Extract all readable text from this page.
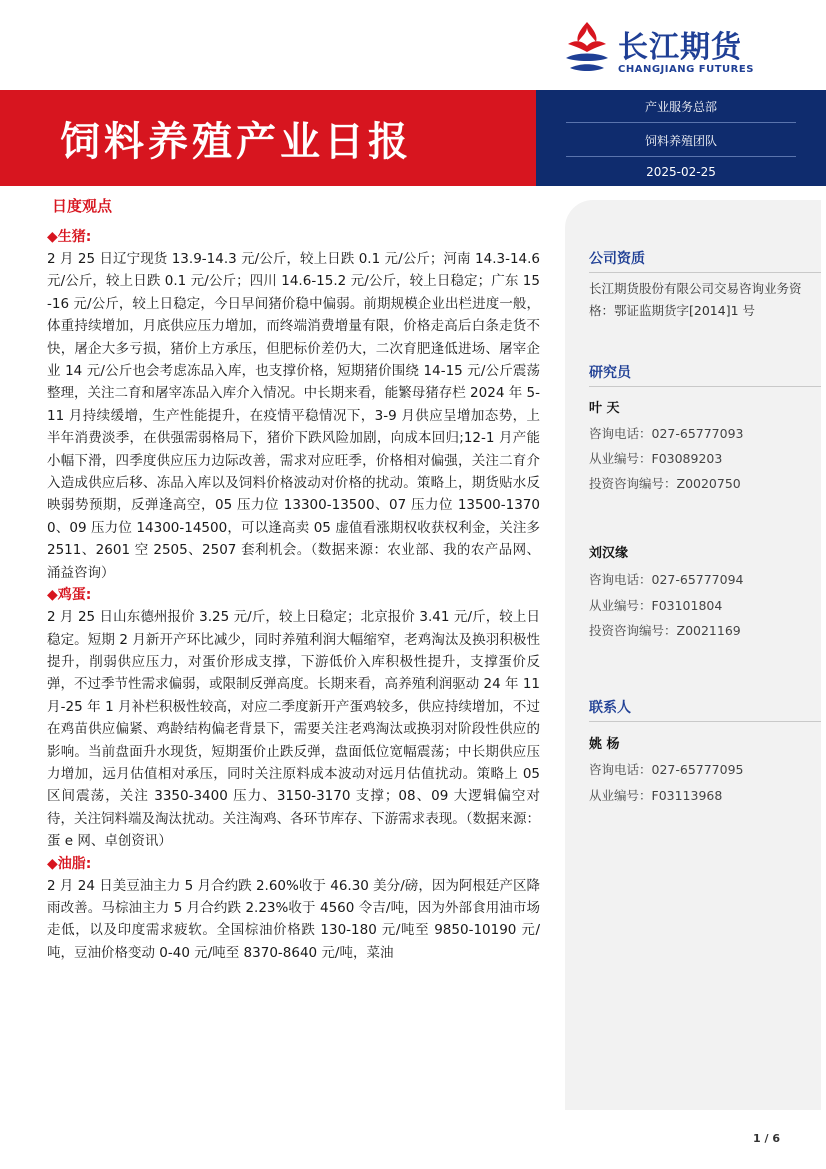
长江期货
CHANGJIANG FUTURES
饲料养殖产业日报
产业服务总部
饲料养殖团队
2025-02-25
日度观点
◆生猪:

2 月 25 日辽宁现货 13.9-14.3 元/公斤，较上日跌 0.1 元/公斤；河南 14.3-14.6 元/公斤，较上日跌 0.1 元/公斤；四川 14.6-15.2 元/公斤，较上日稳定；广东 15-16 元/公斤，较上日稳定，今日早间猪价稳中偏弱。前期规模企业出栏进度一般，体重持续增加，月底供应压力增加，而终端消费增量有限，价格走高后白条走货不快，屠企大多亏损，猪价上方承压，但肥标价差仍大，二次育肥逢低进场、屠宰企业 14 元/公斤也会考虑冻品入库，也支撑价格，短期猪价围绕 14-15 元/公斤震荡整理，关注二育和屠宰冻品入库介入情况。中长期来看，能繁母猪存栏 2024 年 5-11 月持续缓增，生产性能提升，在疫情平稳情况下，3-9 月供应呈增加态势，上半年消费淡季，在供强需弱格局下，猪价下跌风险加剧，向成本回归;12-1 月产能小幅下滑，四季度供应压力边际改善，需求对应旺季，价格相对偏强，关注二育介入造成供应后移、冻品入库以及饲料价格波动对价格的扰动。策略上，期货贴水反映弱势预期，反弹逢高空，05 压力位 13300-13500、07 压力位 13500-13700、09 压力位 14300-14500，可以逢高卖 05 虚值看涨期权收获权利金，关注多 2511、2601 空 2505、2507 套利机会。（数据来源：农业部、我的农产品网、涌益咨询）

◆鸡蛋:

2 月 25 日山东德州报价 3.25 元/斤，较上日稳定；北京报价 3.41 元/斤，较上日稳定。短期 2 月新开产环比减少，同时养殖利润大幅缩窄，老鸡淘汰及换羽积极性提升，削弱供应压力，对蛋价形成支撑，下游低价入库积极性提升，支撑蛋价反弹，不过季节性需求偏弱，或限制反弹高度。长期来看，高养殖利润驱动 24 年 11 月-25 年 1 月补栏积极性较高，对应二季度新开产蛋鸡较多，供应持续增加，不过在鸡苗供应偏紧、鸡龄结构偏老背景下，需要关注老鸡淘汰或换羽对阶段性供应的影响。当前盘面升水现货，短期蛋价止跌反弹，盘面低位宽幅震荡；中长期供应压力增加，远月估值相对承压，同时关注原料成本波动对远月估值扰动。策略上 05 区间震荡，关注 3350-3400 压力、3150-3170 支撑；08、09 大逻辑偏空对待，关注饲料端及淘汰扰动。关注淘鸡、各环节库存、下游需求表现。（数据来源：蛋 e 网、卓创资讯）

◆油脂:

2 月 24 日美豆油主力 5 月合约跌 2.60%收于 46.30 美分/磅，因为阿根廷产区降雨改善。马棕油主力 5 月合约跌 2.23%收于 4560 令吉/吨，因为外部食用油市场走低，以及印度需求疲软。全国棕油价格跌 130-180 元/吨至 9850-10190 元/吨，豆油价格变动 0-40 元/吨至 8370-8640 元/吨，菜油

公司资质
长江期货股份有限公司交易咨询业务资格：鄂证监期货字[2014]1 号
研究员
叶 天
咨询电话：027-65777093
从业编号：F03089203
投资咨询编号：Z0020750
刘汉缘
咨询电话：027-65777094
从业编号：F03101804
投资咨询编号：Z0021169
联系人
姚 杨
咨询电话：027-65777095
从业编号：F03113968
1 / 6
